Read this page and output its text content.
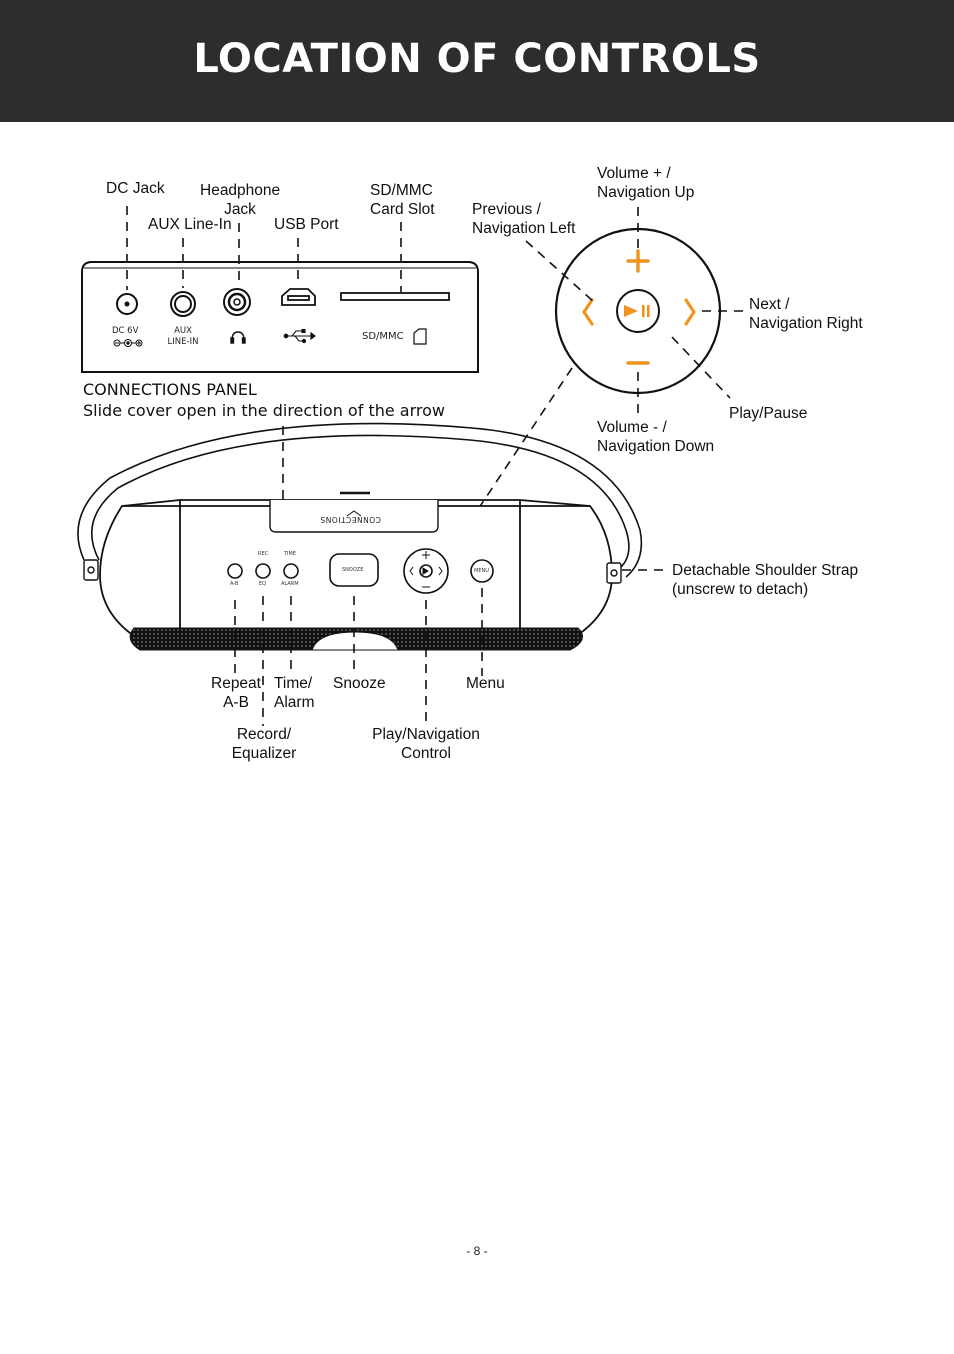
LOCATION OF CONTROLS
REC	TIME
A-B	EQ	ALARM
SNOOZE	MENU
CONNECTIONS
DC 6V	AUX
LINE-IN	SD/MMC
DC Jack
AUX Line-In
Headphone
Jack
USB Port
SD/MMC
Card Slot
CONNECTIONS PANEL
Slide cover open in the direction of the arrow
Volume + /
Navigation Up
Previous /
Navigation Left
Next /
Navigation Right
Volume - /
Navigation Down
Play/Pause
Detachable Shoulder Strap
(unscrew to detach)
Repeat
A-B
Time/
Alarm
Snooze	Menu
Record/
Equalizer
Play/Navigation
Control
- 8 -
